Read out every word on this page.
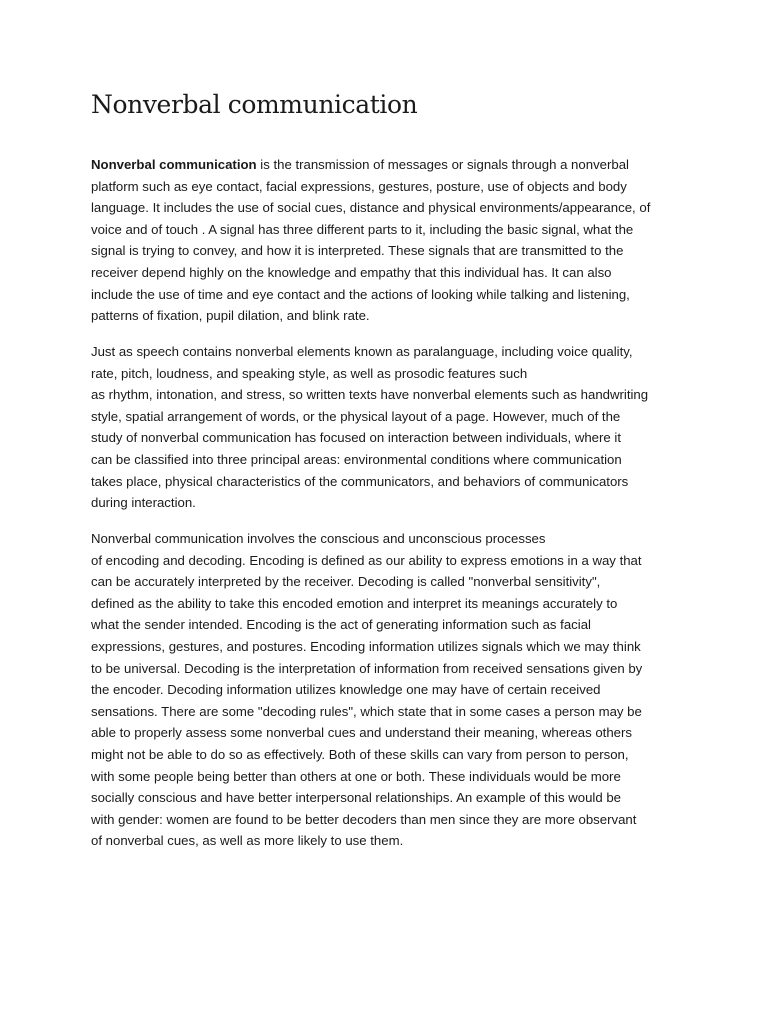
Nonverbal communication

Nonverbal communication is the transmission of messages or signals through a nonverbal
platform such as eye contact, facial expressions, gestures, posture, use of objects and body
language. It includes the use of social cues, distance and physical environments/appearance, of
voice and of touch . A signal has three different parts to it, including the basic signal, what the
signal is trying to convey, and how it is interpreted. These signals that are transmitted to the
receiver depend highly on the knowledge and empathy that this individual has. It can also
include the use of time and eye contact and the actions of looking while talking and listening,
patterns of fixation, pupil dilation, and blink rate.

Just as speech contains nonverbal elements known as paralanguage, including voice quality,
rate, pitch, loudness, and speaking style, as well as prosodic features such
as rhythm, intonation, and stress, so written texts have nonverbal elements such as handwriting
style, spatial arrangement of words, or the physical layout of a page. However, much of the
study of nonverbal communication has focused on interaction between individuals, where it
can be classified into three principal areas: environmental conditions where communication
takes place, physical characteristics of the communicators, and behaviors of communicators
during interaction.

Nonverbal communication involves the conscious and unconscious processes
of encoding and decoding. Encoding is defined as our ability to express emotions in a way that
can be accurately interpreted by the receiver. Decoding is called "nonverbal sensitivity",
defined as the ability to take this encoded emotion and interpret its meanings accurately to
what the sender intended. Encoding is the act of generating information such as facial
expressions, gestures, and postures. Encoding information utilizes signals which we may think
to be universal. Decoding is the interpretation of information from received sensations given by
the encoder. Decoding information utilizes knowledge one may have of certain received
sensations. There are some "decoding rules", which state that in some cases a person may be
able to properly assess some nonverbal cues and understand their meaning, whereas others
might not be able to do so as effectively. Both of these skills can vary from person to person,
with some people being better than others at one or both. These individuals would be more
socially conscious and have better interpersonal relationships. An example of this would be
with gender: women are found to be better decoders than men since they are more observant
of nonverbal cues, as well as more likely to use them.
